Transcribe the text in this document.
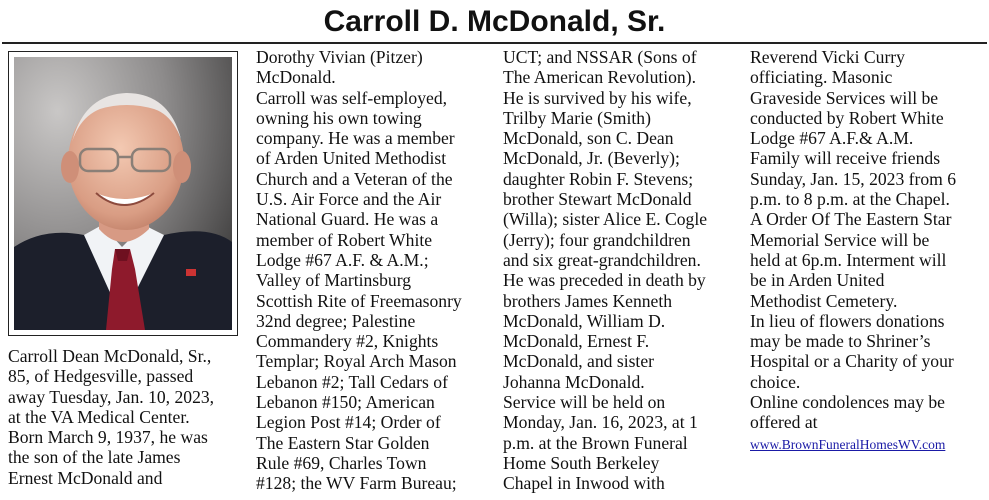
Carroll D. McDonald, Sr.
Carroll Dean McDonald, Sr.,
85, of Hedgesville, passed
away Tuesday, Jan. 10, 2023,
at the VA Medical Center.
Born March 9, 1937, he was
the son of the late James
Ernest McDonald and
Dorothy Vivian (Pitzer)
McDonald.
Carroll was self-employed,
owning his own towing
company. He was a member
of Arden United Methodist
Church and a Veteran of the
U.S. Air Force and the Air
National Guard. He was a
member of Robert White
Lodge #67 A.F. & A.M.;
Valley of Martinsburg
Scottish Rite of Freemasonry
32nd degree; Palestine
Commandery #2, Knights
Templar; Royal Arch Mason
Lebanon #2; Tall Cedars of
Lebanon #150; American
Legion Post #14; Order of
The Eastern Star Golden
Rule #69, Charles Town
#128; the WV Farm Bureau;
UCT; and NSSAR (Sons of
The American Revolution).
He is survived by his wife,
Trilby Marie (Smith)
McDonald, son C. Dean
McDonald, Jr. (Beverly);
daughter Robin F. Stevens;
brother Stewart McDonald
(Willa); sister Alice E. Cogle
(Jerry); four grandchildren
and six great-grandchildren.
He was preceded in death by
brothers James Kenneth
McDonald, William D.
McDonald, Ernest F.
McDonald, and sister
Johanna McDonald.
Service will be held on
Monday, Jan. 16, 2023, at 1
p.m. at the Brown Funeral
Home South Berkeley
Chapel in Inwood with
Reverend Vicki Curry
officiating. Masonic
Graveside Services will be
conducted by Robert White
Lodge #67 A.F.& A.M.
Family will receive friends
Sunday, Jan. 15, 2023 from 6
p.m. to 8 p.m. at the Chapel.
A Order Of The Eastern Star
Memorial Service will be
held at 6p.m. Interment will
be in Arden United
Methodist Cemetery.
In lieu of flowers donations
may be made to Shriner’s
Hospital or a Charity of your
choice.
Online condolences may be
offered at
www.BrownFuneralHomesWV.com
